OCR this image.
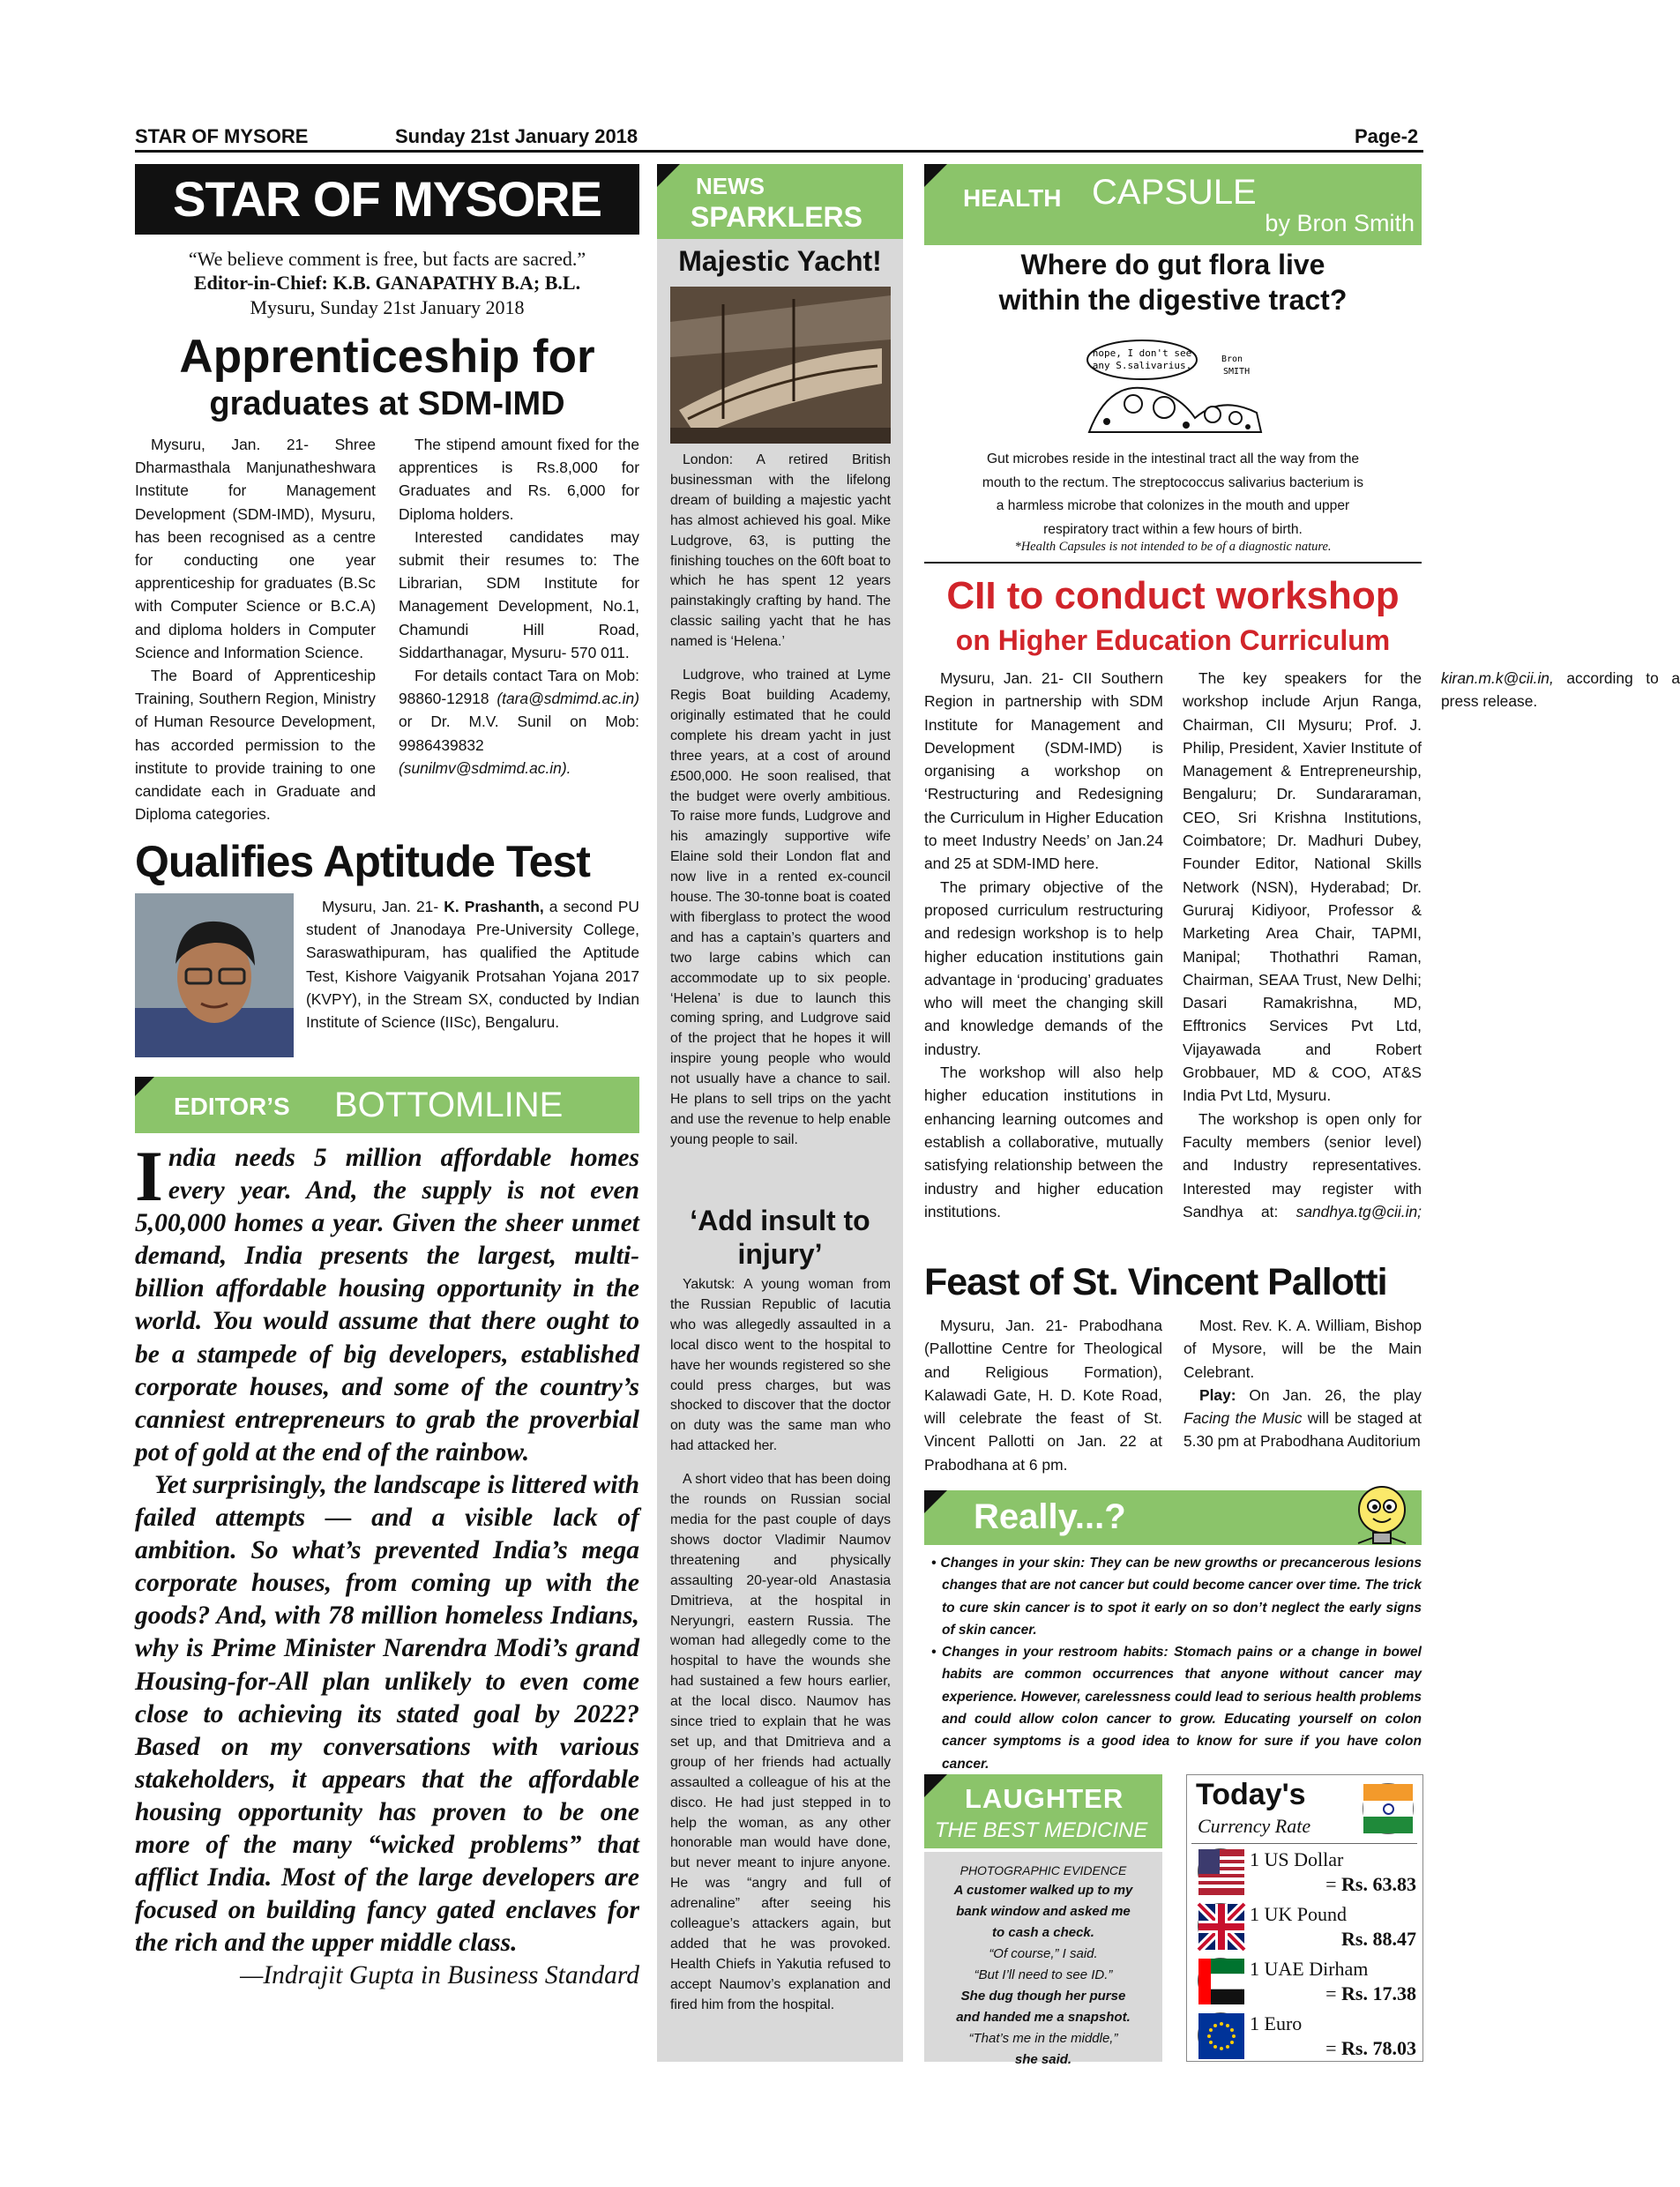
STAR OF MYSORE	Sunday 21st January 2018	Page-2
STAR OF MYSORE
“We believe comment is free, but facts are sacred.”
Editor-in-Chief: K.B. GANAPATHY B.A; B.L.
Mysuru, Sunday 21st January 2018
Apprenticeship for
graduates at SDM-IMD

Mysuru, Jan. 21- Shree Dharmasthala Manjunatheshwara Institute for Management Development (SDM-IMD), Mysuru, has been recognised as a centre for conducting one year apprenticeship for graduates (B.Sc with Computer Science or B.C.A) and diploma holders in Computer Science and Information Science.

The Board of Apprenticeship Training, Southern Region, Ministry of Human Resource Development, has accorded permission to the institute to provide training to one candidate each in Graduate and Diploma categories.

The stipend amount fixed for the apprentices is Rs.8,000 for Graduates and Rs. 6,000 for Diploma holders.

Interested candidates may submit their resumes to: The Librarian, SDM Institute for Management Development, No.1, Chamundi Hill Road, Siddarthanagar, Mysuru- 570 011.

For details contact Tara on Mob: 98860-12918 (tara@sdmimd.ac.in) or Dr. M.V. Sunil on Mob: 9986439832 (sunilmv@sdmimd.ac.in).

Qualifies Aptitude Test
Mysuru, Jan. 21- K. Prashanth, a second PU student of Jnanodaya Pre-University College, Saraswathipuram, has qualified the Aptitude Test, Kishore Vaigyanik Protsahan Yojana 2017 (KVPY), in the Stream SX, conducted by Indian Institute of Science (IISc), Bengaluru.
EDITOR’S BOTTOMLINE

India needs 5 million affordable homes every year. And, the supply is not even 5,00,000 homes a year. Given the sheer unmet demand, India presents the largest, multi-billion affordable housing opportunity in the world. You would assume that there ought to be a stampede of big developers, established corporate houses, and some of the country’s canniest entrepreneurs to grab the proverbial pot of gold at the end of the rainbow.

Yet surprisingly, the landscape is littered with failed attempts — and a visible lack of ambition. So what’s prevented India’s mega corporate houses, from coming up with the goods? And, with 78 million homeless Indians, why is Prime Minister Narendra Modi’s grand Housing-for-All plan unlikely to even come close to achieving its stated goal by 2022? Based on my conversations with various stakeholders, it appears that the affordable housing opportunity has proven to be one more of the many “wicked problems” that afflict India. Most of the large developers are focused on building fancy gated enclaves for the rich and the upper middle class.

—Indrajit Gupta in Business Standard

NEWS
SPARKLERS
Majestic Yacht!

London: A retired British businessman with the lifelong dream of building a majestic yacht has almost achieved his goal. Mike Ludgrove, 63, is putting the finishing touches on the 60ft boat to which he has spent 12 years painstakingly crafting by hand. The classic sailing yacht that he has named is ‘Helena.’

Ludgrove, who trained at Lyme Regis Boat building Academy, originally estimated that he could complete his dream yacht in just three years, at a cost of around £500,000. He soon realised, that the budget were overly ambitious. To raise more funds, Ludgrove and his amazingly supportive wife Elaine sold their London flat and now live in a rented ex-council house. The 30-tonne boat is coated with fiberglass to protect the wood and has a captain’s quarters and two large cabins which can accommodate up to six people. ‘Helena’ is due to launch this coming spring, and Ludgrove said of the project that he hopes it will inspire young people who would not usually have a chance to sail. He plans to sell trips on the yacht and use the revenue to help enable young people to sail.

‘Add insult to injury’

Yakutsk: A young woman from the Russian Republic of Iacutia who was allegedly assaulted in a local disco went to the hospital to have her wounds registered so she could press charges, but was shocked to discover that the doctor on duty was the same man who had attacked her.

A short video that has been doing the rounds on Russian social media for the past couple of days shows doctor Vladimir Naumov threatening and physically assaulting 20-year-old Anastasia Dmitrieva, at the hospital in Neryungri, eastern Russia. The woman had allegedly come to the hospital to have the wounds she had sustained a few hours earlier, at the local disco. Naumov has since tried to explain that he was set up, and that Dmitrieva and a group of her friends had actually assaulted a colleague of his at the disco. He had just stepped in to help the woman, as any other honorable man would have done, but never meant to injure anyone. He was “angry and full of adrenaline” after seeing his colleague’s attackers again, but added that he was provoked. Health Chiefs in Yakutia refused to accept Naumov’s explanation and fired him from the hospital.

HEALTH CAPSULE
by Bron Smith
Where do gut flora live
within the digestive tract?
nope, I don't see
any S.salivarius.
Bron
SMITH
Gut microbes reside in the intestinal tract all the way from the mouth to the rectum. The streptococcus salivarius bacterium is a harmless microbe that colonizes in the mouth and upper respiratory tract within a few hours of birth.
*Health Capsules is not intended to be of a diagnostic nature.
CII to conduct workshop
on Higher Education Curriculum

Mysuru, Jan. 21- CII Southern Region in partnership with SDM Institute for Management and Development (SDM-IMD) is organising a workshop on ‘Restructuring and Redesigning the Curriculum in Higher Education to meet Industry Needs’ on Jan.24 and 25 at SDM-IMD here.

The primary objective of the proposed curriculum restructuring and redesign workshop is to help higher education institutions gain advantage in ‘producing’ graduates who will meet the changing skill and knowledge demands of the industry.

The workshop will also help higher education institutions in enhancing learning outcomes and establish a collaborative, mutually satisfying relationship between the industry and higher education institutions.

The key speakers for the workshop include Arjun Ranga, Chairman, CII Mysuru; Prof. J. Philip, President, Xavier Institute of Management & Entrepreneurship, Bengaluru; Dr. Sundararaman, CEO, Sri Krishna Institutions, Coimbatore; Dr. Madhuri Dubey, Founder Editor, National Skills Network (NSN), Hyderabad; Dr. Gururaj Kidiyoor, Professor & Marketing Area Chair, TAPMI, Manipal; Thothathri Raman, Chairman, SEAA Trust, New Delhi; Dasari Ramakrishna, MD, Efftronics Services Pvt Ltd, Vijayawada and Robert Grobbauer, MD & COO, AT&S India Pvt Ltd, Mysuru.

The workshop is open only for Faculty members (senior level) and Industry representatives. Interested may register with Sandhya at: sandhya.tg@cii.in; kiran.m.k@cii.in, according to a press release.

Feast of St. Vincent Pallotti

Mysuru, Jan. 21- Prabodhana (Pallottine Centre for Theological and Religious Formation), Kalawadi Gate, H. D. Kote Road, will celebrate the feast of St. Vincent Pallotti on Jan. 22 at Prabodhana at 6 pm.

Most. Rev. K. A. William, Bishop of Mysore, will be the Main Celebrant.

Play: On Jan. 26, the play Facing the Music will be staged at 5.30 pm at Prabodhana Auditorium

Really...?

• Changes in your skin: They can be new growths or precancerous lesions changes that are not cancer but could become cancer over time. The trick to cure skin cancer is to spot it early on so don’t neglect the early signs of skin cancer.

• Changes in your restroom habits: Stomach pains or a change in bowel habits are common occurrences that anyone without cancer may experience. However, carelessness could lead to serious health problems and could allow colon cancer to grow. Educating yourself on colon cancer symptoms is a good idea to know for sure if you have colon cancer.

LAUGHTER
THE BEST MEDICINE
PHOTOGRAPHIC EVIDENCE
A customer walked up to my
bank window and asked me
to cash a check.
“Of course,” I said.
“But I’ll need to see ID.”
She dug though her purse
and handed me a snapshot.
“That’s me in the middle,”
she said.
Today's
Currency Rate
1 US Dollar
= Rs. 63.83
1 UK Pound
Rs. 88.47
1 UAE Dirham
= Rs. 17.38
1 Euro
= Rs. 78.03
